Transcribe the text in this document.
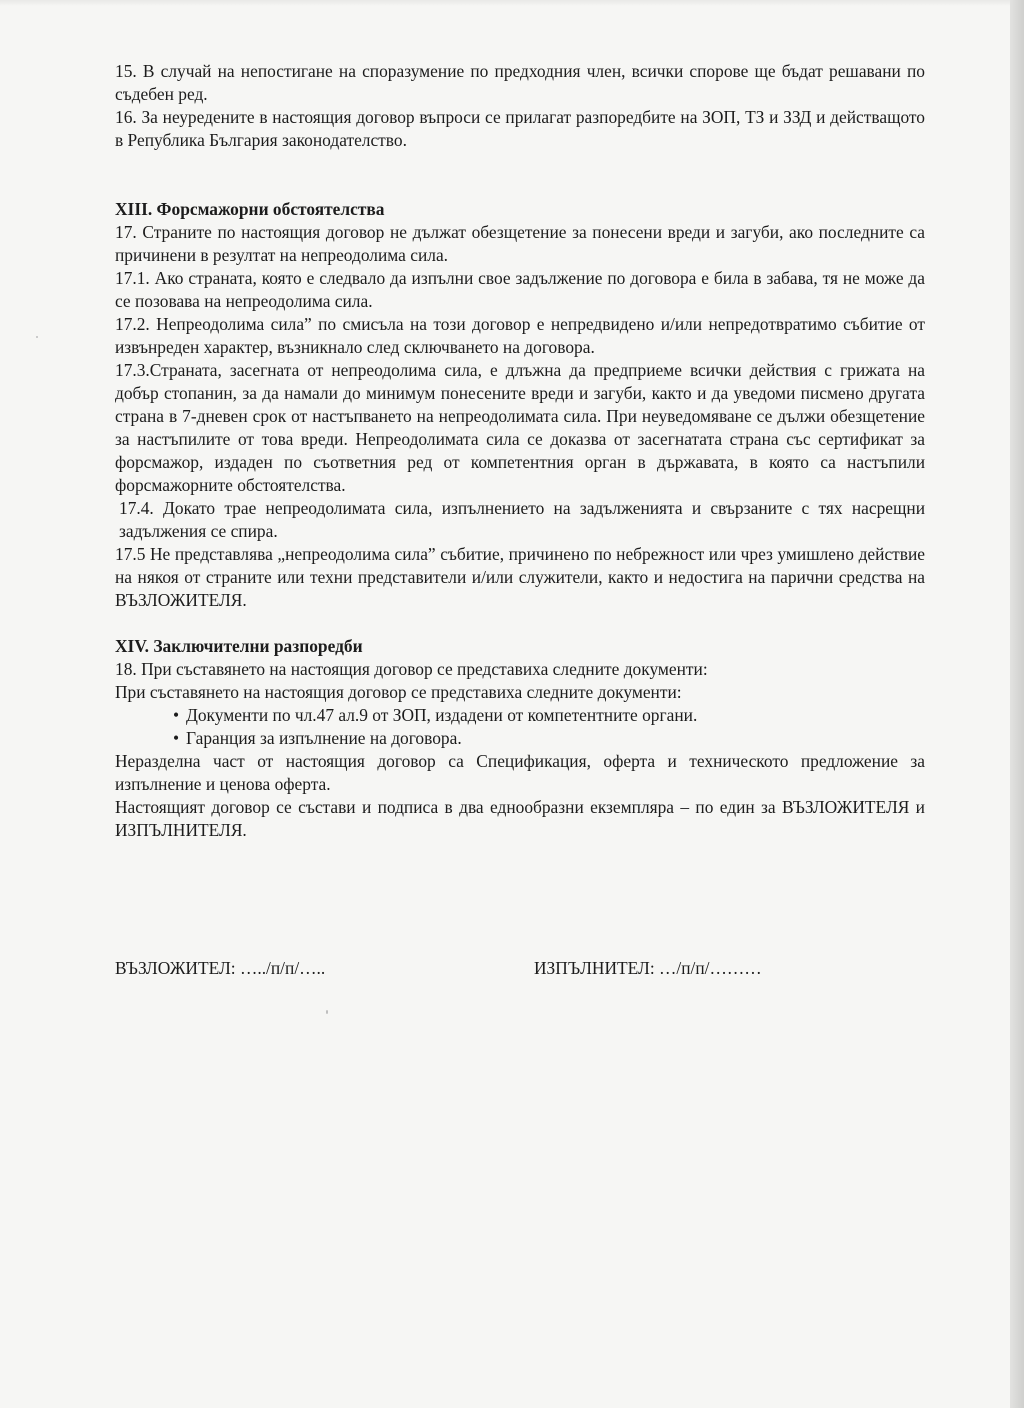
15. В случай на непостигане на споразумение по предходния член, всички спорове ще бъдат решавани по съдебен ред.

16. За неуредените в настоящия договор въпроси се прилагат разпоредбите на ЗОП, ТЗ и ЗЗД и действащото в Република България законодателство.

XIII. Форсмажорни обстоятелства

17. Страните по настоящия договор не дължат обезщетение за понесени вреди и загуби, ако последните са причинени в резултат на непреодолима сила.

17.1. Ако страната, която е следвало да изпълни свое задължение по договора е била в забава, тя не може да се позовава на непреодолима сила.

17.2. Непреодолима сила” по смисъла на този договор е непредвидено и/или непредотвратимо събитие от извънреден характер, възникнало след сключването на договора.

17.3.Страната, засегната от непреодолима сила, е длъжна да предприеме всички действия с грижата на добър стопанин, за да намали до минимум понесените вреди и загуби, както и да уведоми писмено другата страна в 7-дневен срок от настъпването на непреодолимата сила. При неуведомяване се дължи обезщетение за настъпилите от това вреди. Непреодолимата сила се доказва от засегнатата страна със сертификат за форсмажор, издаден по съответния ред от компетентния орган в държавата, в която са настъпили форсмажорните обстоятелства.

17.4. Докато трае непреодолимата сила, изпълнението на задълженията и свързаните с тях насрещни задължения се спира.

17.5 Не представлява „непреодолима сила” събитие, причинено по небрежност или чрез умишлено действие на някоя от страните или техни представители и/или служители, както и недостига на парични средства на ВЪЗЛОЖИТЕЛЯ.

XIV. Заключителни разпоредби

18. При съставянето на настоящия договор се представиха следните документи:

При съставянето на настоящия договор се представиха следните документи:

• Документи по чл.47 ал.9 от ЗОП, издадени от компетентните органи.
• Гаранция за изпълнение на договора.

Неразделна част от настоящия договор са Спецификация, оферта и техническото предложение за изпълнение и ценова оферта.

Настоящият договор се състави и подписа в два еднообразни екземпляра – по един за ВЪЗЛОЖИТЕЛЯ и ИЗПЪЛНИТЕЛЯ.

ВЪЗЛОЖИТЕЛ: …../п/п/…..	ИЗПЪЛНИТЕЛ: …/п/п/………
